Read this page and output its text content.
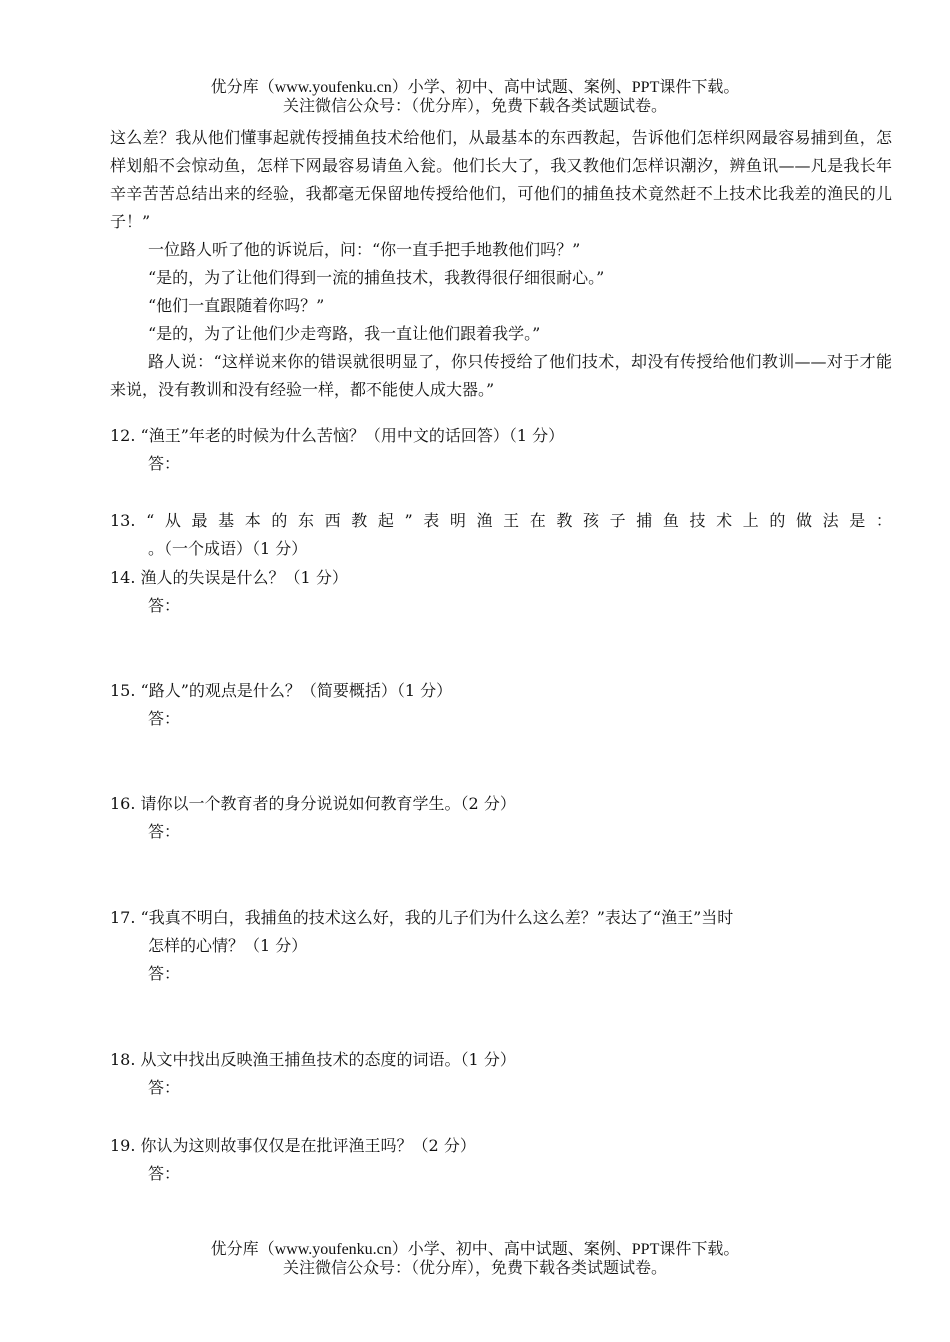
优分库（www.youfenku.cn）小学、初中、高中试题、案例、PPT课件下载。
关注微信公众号：（优分库），免费下载各类试题试卷。

这么差？我从他们懂事起就传授捕鱼技术给他们，从最基本的东西教起，告诉他们怎样织网最容易捕到鱼，怎样划船不会惊动鱼，怎样下网最容易请鱼入瓮。他们长大了，我又教他们怎样识潮汐，辨鱼讯——凡是我长年辛辛苦苦总结出来的经验，我都毫无保留地传授给他们，可他们的捕鱼技术竟然赶不上技术比我差的渔民的儿子！”

一位路人听了他的诉说后，问：“你一直手把手地教他们吗？”

“是的，为了让他们得到一流的捕鱼技术，我教得很仔细很耐心。”

“他们一直跟随着你吗？”

“是的，为了让他们少走弯路，我一直让他们跟着我学。”

路人说：“这样说来你的错误就很明显了，你只传授给了他们技术，却没有传授给他们教训——对于才能来说，没有教训和没有经验一样，都不能使人成大器。”

12. “渔王”年老的时候为什么苦恼？（用中文的话回答）（1 分）
答：
13. “ 从 最 基 本 的 东 西 教 起 ” 表 明 渔 王 在 教 孩 子 捕 鱼 技 术 上 的 做 法 是 ：
。（一个成语）（1 分）
14. 渔人的失误是什么？（1 分）
答：
15. “路人”的观点是什么？（简要概括）（1 分）
答：
16. 请你以一个教育者的身分说说如何教育学生。（2 分）
答：
17. “我真不明白，我捕鱼的技术这么好，我的儿子们为什么这么差？”表达了“渔王”当时
怎样的心情？（1 分）
答：
18. 从文中找出反映渔王捕鱼技术的态度的词语。（1 分）
答：
19. 你认为这则故事仅仅是在批评渔王吗？（2 分）
答：
优分库（www.youfenku.cn）小学、初中、高中试题、案例、PPT课件下载。
关注微信公众号：（优分库），免费下载各类试题试卷。
